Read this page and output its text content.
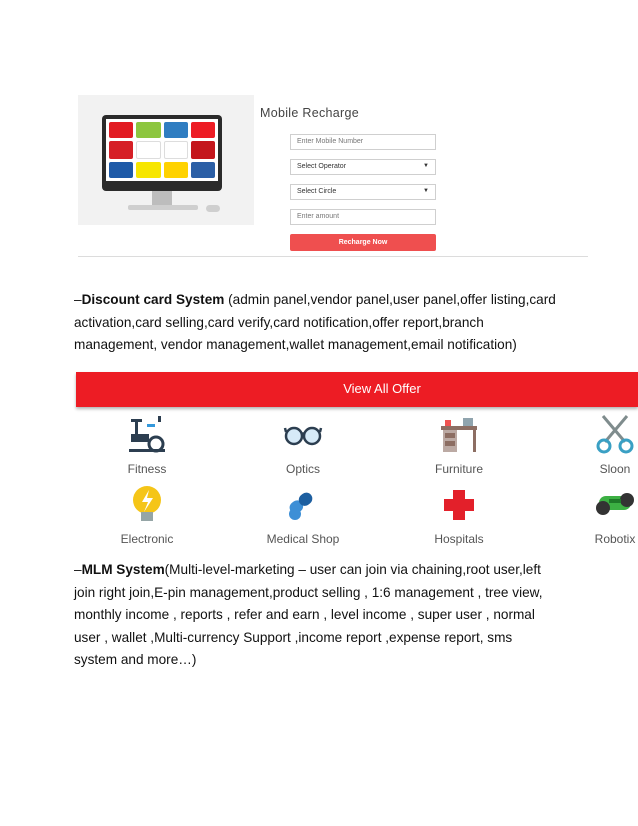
Mobile Recharge
Enter Mobile Number
Select Operator	▼
Select Circle	▼
Enter amount
Recharge Now

–Discount card System (admin panel,vendor panel,user panel,offer listing,card
activation,card selling,card verify,card notification,offer report,branch
management, vendor management,wallet management,email notification)

View All Offer
Fitness	Optics	Furniture	Sloon
Electronic	Medical Shop	Hospitals	Robotix

–MLM System(Multi-level-marketing – user can join via chaining,root user,left
join right join,E-pin management,product selling , 1:6 management , tree view,
monthly income , reports , refer and earn , level income , super user , normal
user , wallet ,Multi-currency Support ,income report ,expense report, sms
system and more…)
